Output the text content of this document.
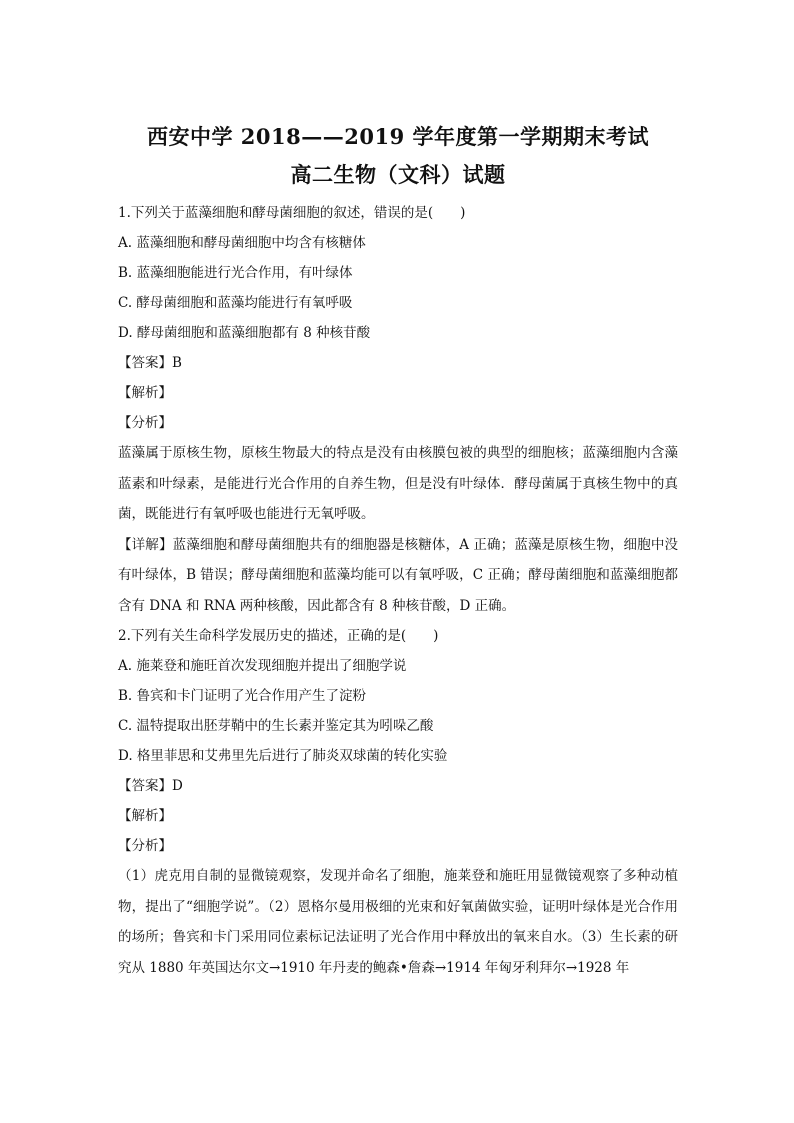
西安中学 2018——2019 学年度第一学期期末考试

高二生物（文科）试题

1.下列关于蓝藻细胞和酵母菌细胞的叙述，错误的是(　　)

A. 蓝藻细胞和酵母菌细胞中均含有核糖体

B. 蓝藻细胞能进行光合作用，有叶绿体

C. 酵母菌细胞和蓝藻均能进行有氧呼吸

D. 酵母菌细胞和蓝藻细胞都有 8 种核苷酸

【答案】B

【解析】

【分析】

蓝藻属于原核生物，原核生物最大的特点是没有由核膜包被的典型的细胞核；蓝藻细胞内含藻蓝素和叶绿素，是能进行光合作用的自养生物，但是没有叶绿体．酵母菌属于真核生物中的真菌，既能进行有氧呼吸也能进行无氧呼吸。

【详解】蓝藻细胞和酵母菌细胞共有的细胞器是核糖体，A 正确；蓝藻是原核生物，细胞中没有叶绿体，B 错误；酵母菌细胞和蓝藻均能可以有氧呼吸，C 正确；酵母菌细胞和蓝藻细胞都含有 DNA 和 RNA 两种核酸，因此都含有 8 种核苷酸，D 正确。

2.下列有关生命科学发展历史的描述，正确的是(　　)

A. 施莱登和施旺首次发现细胞并提出了细胞学说

B. 鲁宾和卡门证明了光合作用产生了淀粉

C. 温特提取出胚芽鞘中的生长素并鉴定其为吲哚乙酸

D. 格里菲思和艾弗里先后进行了肺炎双球菌的转化实验

【答案】D

【解析】

【分析】

（1）虎克用自制的显微镜观察，发现并命名了细胞，施莱登和施旺用显微镜观察了多种动植物，提出了“细胞学说”。（2）恩格尔曼用极细的光束和好氧菌做实验，证明叶绿体是光合作用的场所；鲁宾和卡门采用同位素标记法证明了光合作用中释放出的氧来自水。（3）生长素的研究从 1880 年英国达尔文→1910 年丹麦的鲍森•詹森→1914 年匈牙利拜尔→1928 年
